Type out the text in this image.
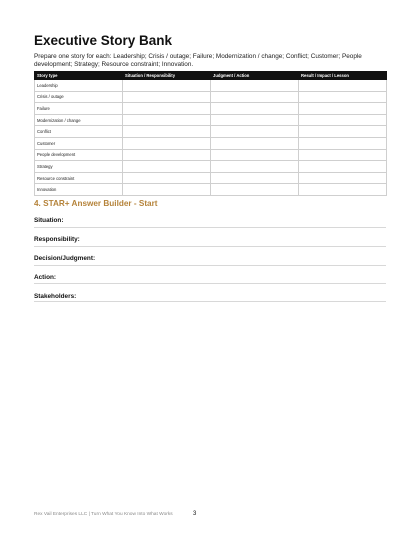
Executive Story Bank
Prepare one story for each: Leadership; Crisis / outage; Failure; Modernization / change; Conflict; Customer; People development; Strategy; Resource constraint; Innovation.
Story type	Situation / Responsibility	Judgment / Action	Result / Impact / Lesson
Leadership			
Crisis / outage			
Failure			
Modernization / change			
Conflict			
Customer			
People development			
Strategy			
Resource constraint			
Innovation			
4. STAR+ Answer Builder - Start
Situation:
Responsibility:
Decision/Judgment:
Action:
Stakeholders:
Rex Vail Enterprises LLC | Turn What You Know Into What Works	3
